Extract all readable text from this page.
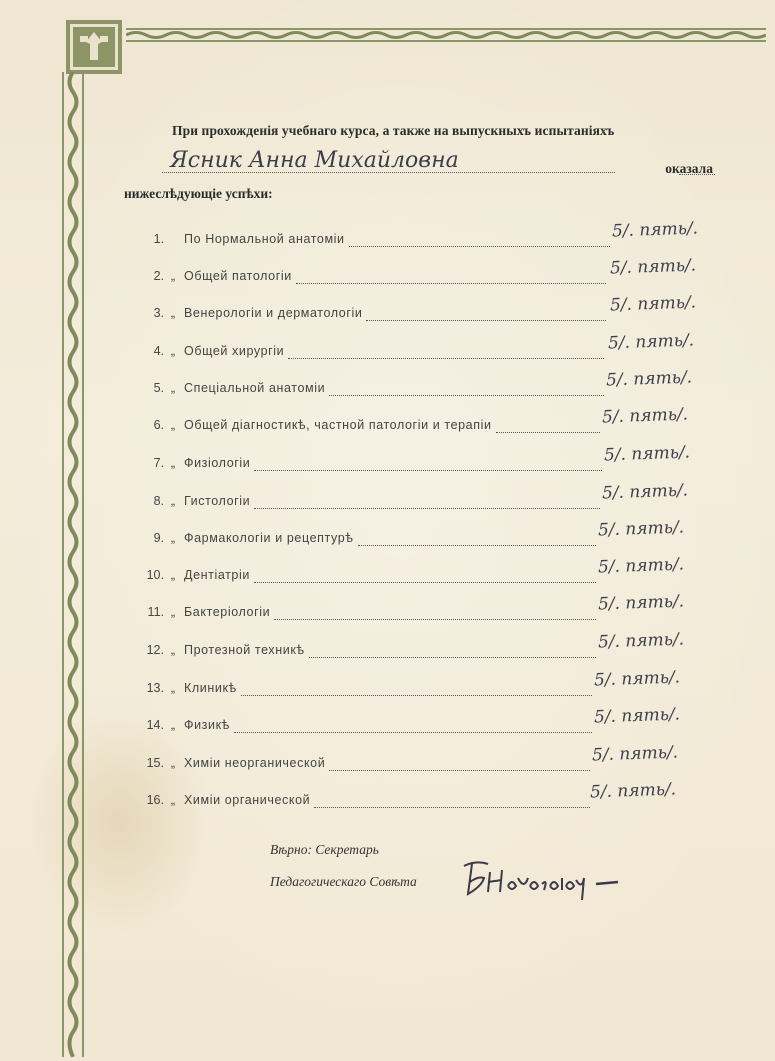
При прохожденія учебнаго курса, а также на выпускныхъ испытаніяхъ
Ясник Анна Михайловна	оказала
нижеслѣдующіе успѣхи:
1. По Нормальной анатоміи	5/. пять/.
2. „ Общей патологіи	5/. пять/.
3. „ Венерологіи и дерматологіи	5/. пять/.
4. „ Общей хирургіи	5/. пять/.
5. „ Спеціальной анатоміи	5/. пять/.
6. „ Общей діагностикѣ, частной патологіи и терапіи	5/. пять/.
7. „ Физіологіи	5/. пять/.
8. „ Гистологіи	5/. пять/.
9. „ Фармакологіи и рецептурѣ	5/. пять/.
10. „ Дентіатріи	5/. пять/.
11. „ Бактеріологіи	5/. пять/.
12. „ Протезной техникѣ	5/. пять/.
13. „ Клиникѣ	5/. пять/.
14. „ Физикѣ	5/. пять/.
15. „ Химіи неорганической	5/. пять/.
16. „ Химіи органической	5/. пять/.
Вѣрно: Секретарь
Педагогическаго Совѣта
